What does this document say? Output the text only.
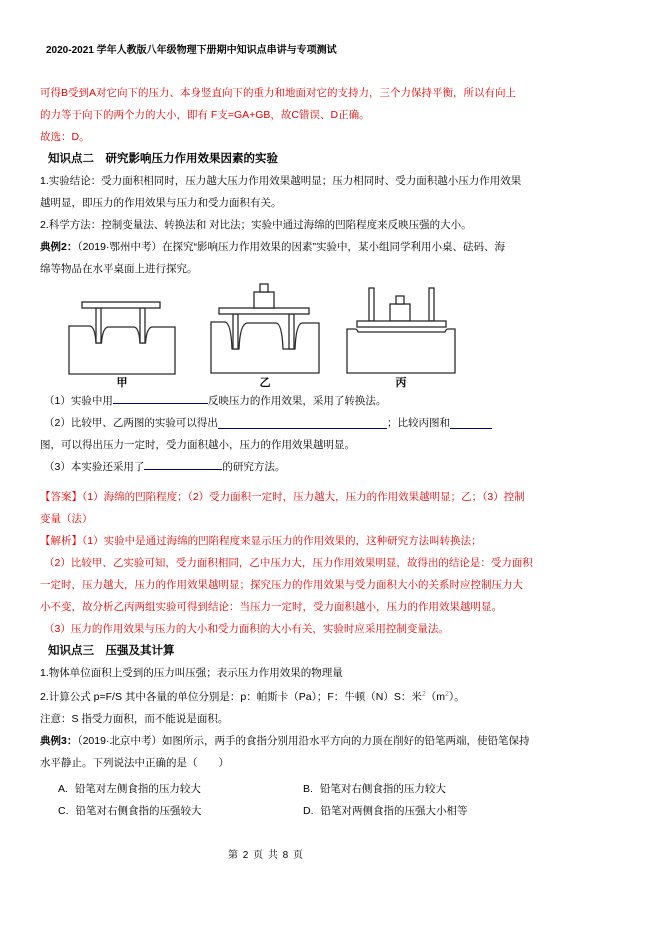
2020-2021 学年人教版八年级物理下册期中知识点串讲与专项测试
可得B受到A对它向下的压力、本身竖直向下的重力和地面对它的支持力，三个力保持平衡，所以有向上
的力等于向下的两个力的大小，即有 F支=GA+GB，故C错误、D正确。
故选：D。
知识点二　研究影响压力作用效果因素的实验
1.实验结论：受力面积相同时，压力越大压力作用效果越明显；压力相同时、受力面积越小压力作用效果
越明显，即压力的作用效果与压力和受力面积有关。
2.科学方法：控制变量法、转换法和 对比法；实验中通过海绵的凹陷程度来反映压强的大小。
典例2：（2019·鄂州中考）在探究“影响压力作用效果的因素”实验中，某小组同学利用小桌、砝码、海
绵等物品在水平桌面上进行探究。
甲	乙	丙
（1）实验中用	反映压力的作用效果，采用了转换法。
（2）比较甲、乙两图的实验可以得出	；比较丙图和
图，可以得出压力一定时，受力面积越小，压力的作用效果越明显。
（3）本实验还采用了	的研究方法。
【答案】（1）海绵的凹陷程度；（2）受力面积一定时，压力越大，压力的作用效果越明显；乙；（3）控制
变量（法）
【解析】（1）实验中是通过海绵的凹陷程度来显示压力的作用效果的，这种研究方法叫转换法；
（2）比较甲、乙实验可知，受力面积相同，乙中压力大，压力作用效果明显，故得出的结论是：受力面积
一定时，压力越大，压力的作用效果越明显；探究压力的作用效果与受力面积大小的关系时应控制压力大
小不变，故分析乙丙两组实验可得到结论：当压力一定时，受力面积越小，压力的作用效果越明显。
（3）压力的作用效果与压力的大小和受力面积的大小有关，实验时应采用控制变量法。
知识点三　压强及其计算
1.物体单位面积上受到的压力叫压强；表示压力作用效果的物理量
2.计算公式 p=F/S 其中各量的单位分别是：p：帕斯卡（Pa）；F：牛顿（N）S：米$^2(m^2)$。
注意：S 指受力面积，而不能说是面积。
典例3：（2019·北京中考）如图所示，两手的食指分别用沿水平方向的力顶在削好的铅笔两端，使铅笔保持
水平静止。下列说法中正确的是（　　）
A. 铅笔对左侧食指的压力较大	B. 铅笔对右侧食指的压力较大
C. 铅笔对右侧食指的压强较大	D. 铅笔对两侧食指的压强大小相等
第 2 页 共 8 页
